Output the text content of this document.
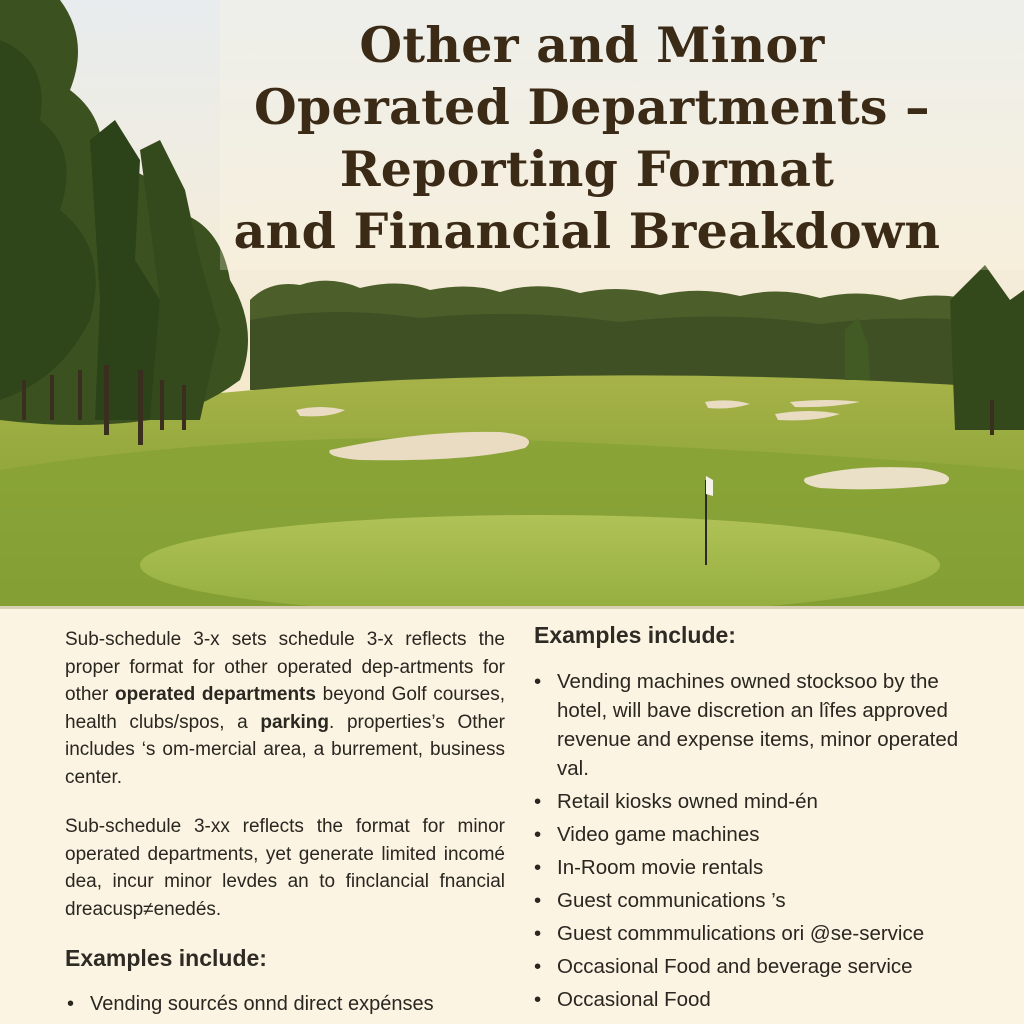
Other and Minor
Operated Departments –
Reporting Format
and Financial Breakdown

Sub-schedule 3-x sets schedule 3-x reflects the proper format for other operated dep-artments for other operated departments beyond Golf courses, health clubs/spos, a parking. properties’s Other includes ‘s om-mercial area, a burrement, business center.

Sub-schedule 3-xx reflects the format for minor operated departments, yet generate limited incomé dea, incur minor levdes an to finclancial fnancial dreacusp≠enedés.

Examples include:
• Vending sourcés onnd direct expénses
Examples include:
• Vending machines owned stocksoo by the hotel, will bave discretion an lîfes approved revenue and expense items, minor operated val.
• Retail kiosks owned mind-én
• Video game machines
• In-Room movie rentals
• Guest communications ’s
• Guest commmulications ori @se-service
• Occasional Food and beverage service
• Occasional Food
